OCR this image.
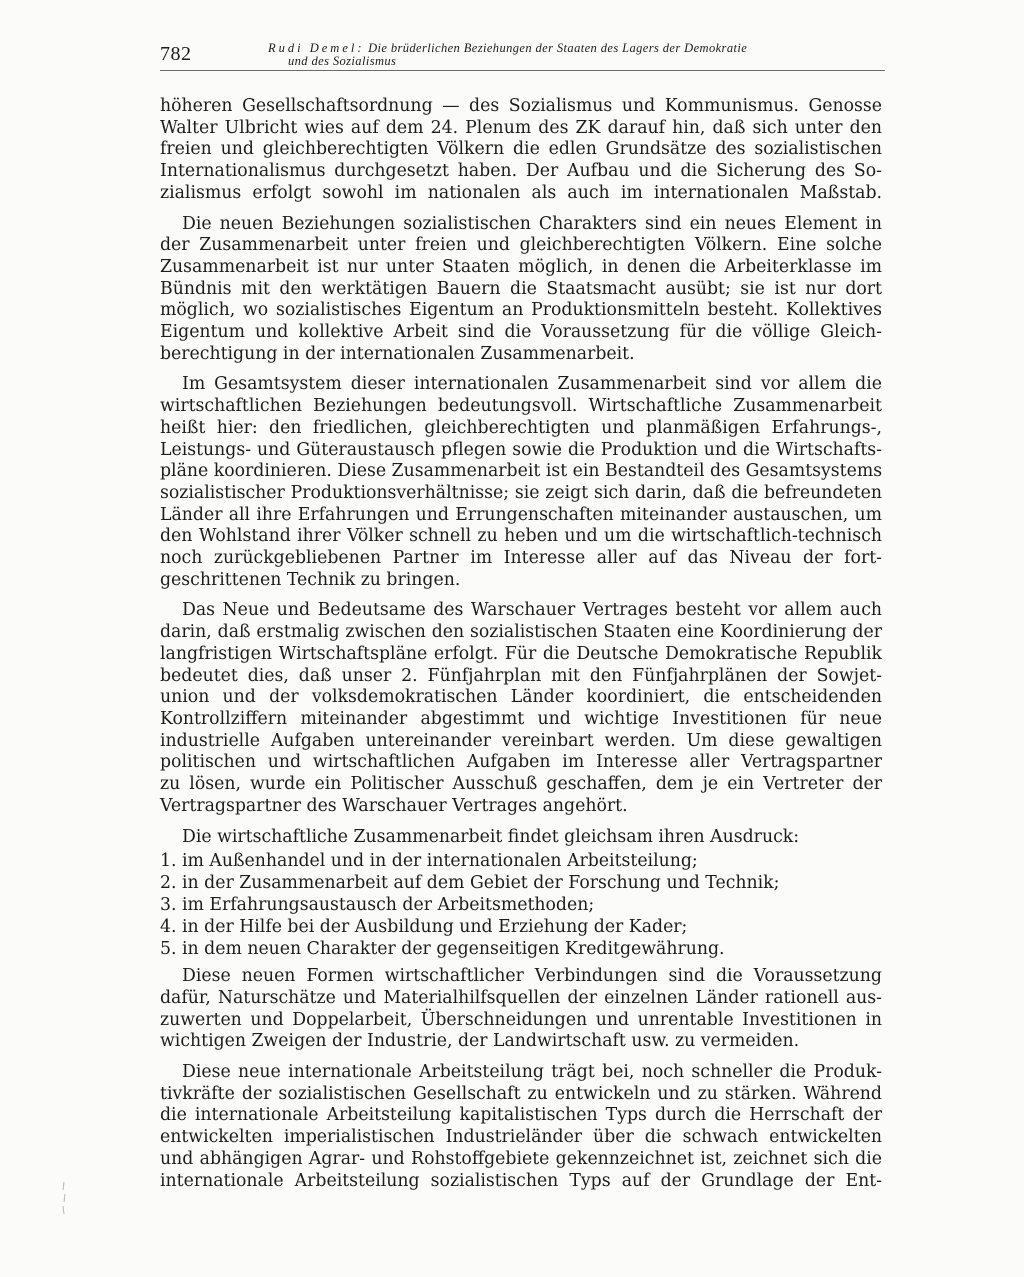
782	Rudi Demel: Die brüderlichen Beziehungen der Staaten des Lagers der Demokratie
und des Sozialismus

höheren Gesellschaftsordnung — des Sozialismus und Kommunismus. Genosse
Walter Ulbricht wies auf dem 24. Plenum des ZK darauf hin, daß sich unter den
freien und gleichberechtigten Völkern die edlen Grundsätze des sozialistischen
Internationalismus durchgesetzt haben. Der Aufbau und die Sicherung des So-
zialismus erfolgt sowohl im nationalen als auch im internationalen Maßstab.

Die neuen Beziehungen sozialistischen Charakters sind ein neues Element in
der Zusammenarbeit unter freien und gleichberechtigten Völkern. Eine solche
Zusammenarbeit ist nur unter Staaten möglich, in denen die Arbeiterklasse im
Bündnis mit den werktätigen Bauern die Staatsmacht ausübt; sie ist nur dort
möglich, wo sozialistisches Eigentum an Produktionsmitteln besteht. Kollektives
Eigentum und kollektive Arbeit sind die Voraussetzung für die völlige Gleich-
berechtigung in der internationalen Zusammenarbeit.

Im Gesamtsystem dieser internationalen Zusammenarbeit sind vor allem die
wirtschaftlichen Beziehungen bedeutungsvoll. Wirtschaftliche Zusammenarbeit
heißt hier: den friedlichen, gleichberechtigten und planmäßigen Erfahrungs-,
Leistungs- und Güteraustausch pflegen sowie die Produktion und die Wirtschafts-
pläne koordinieren. Diese Zusammenarbeit ist ein Bestandteil des Gesamtsystems
sozialistischer Produktionsverhältnisse; sie zeigt sich darin, daß die befreundeten
Länder all ihre Erfahrungen und Errungenschaften miteinander austauschen, um
den Wohlstand ihrer Völker schnell zu heben und um die wirtschaftlich-technisch
noch zurückgebliebenen Partner im Interesse aller auf das Niveau der fort-
geschrittenen Technik zu bringen.

Das Neue und Bedeutsame des Warschauer Vertrages besteht vor allem auch
darin, daß erstmalig zwischen den sozialistischen Staaten eine Koordinierung der
langfristigen Wirtschaftspläne erfolgt. Für die Deutsche Demokratische Republik
bedeutet dies, daß unser 2. Fünfjahrplan mit den Fünfjahrplänen der Sowjet-
union und der volksdemokratischen Länder koordiniert, die entscheidenden
Kontrollziffern miteinander abgestimmt und wichtige Investitionen für neue
industrielle Aufgaben untereinander vereinbart werden. Um diese gewaltigen
politischen und wirtschaftlichen Aufgaben im Interesse aller Vertragspartner
zu lösen, wurde ein Politischer Ausschuß geschaffen, dem je ein Vertreter der
Vertragspartner des Warschauer Vertrages angehört.

Die wirtschaftliche Zusammenarbeit findet gleichsam ihren Ausdruck:

1. im Außenhandel und in der internationalen Arbeitsteilung;
2. in der Zusammenarbeit auf dem Gebiet der Forschung und Technik;
3. im Erfahrungsaustausch der Arbeitsmethoden;
4. in der Hilfe bei der Ausbildung und Erziehung der Kader;
5. in dem neuen Charakter der gegenseitigen Kreditgewährung.

Diese neuen Formen wirtschaftlicher Verbindungen sind die Voraussetzung
dafür, Naturschätze und Materialhilfsquellen der einzelnen Länder rationell aus-
zuwerten und Doppelarbeit, Überschneidungen und unrentable Investitionen in
wichtigen Zweigen der Industrie, der Landwirtschaft usw. zu vermeiden.

Diese neue internationale Arbeitsteilung trägt bei, noch schneller die Produk-
tivkräfte der sozialistischen Gesellschaft zu entwickeln und zu stärken. Während
die internationale Arbeitsteilung kapitalistischen Typs durch die Herrschaft der
entwickelten imperialistischen Industrieländer über die schwach entwickelten
und abhängigen Agrar- und Rohstoffgebiete gekennzeichnet ist, zeichnet sich die
internationale Arbeitsteilung sozialistischen Typs auf der Grundlage der Ent-
